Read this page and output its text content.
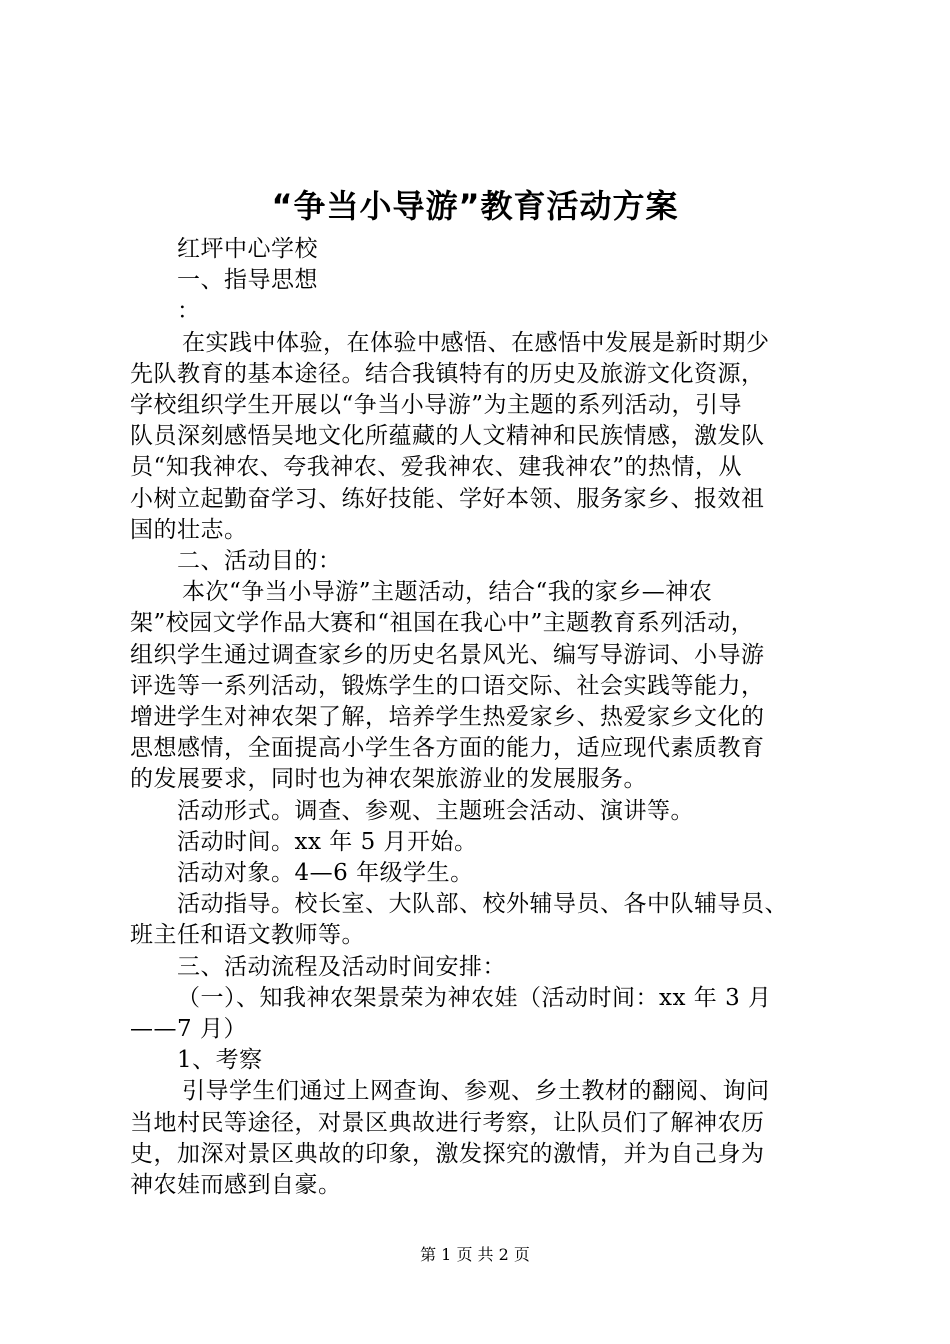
“争当小导游”教育活动方案

红坪中心学校

一、指导思想

：

在实践中体验，在体验中感悟、在感悟中发展是新时期少

先队教育的基本途径。结合我镇特有的历史及旅游文化资源，

学校组织学生开展以“争当小导游”为主题的系列活动，引导

队员深刻感悟吴地文化所蕴藏的人文精神和民族情感，激发队

员“知我神农、夸我神农、爱我神农、建我神农”的热情，从

小树立起勤奋学习、练好技能、学好本领、服务家乡、报效祖

国的壮志。

二、活动目的：

本次“争当小导游”主题活动，结合“我的家乡—神农

架”校园文学作品大赛和“祖国在我心中”主题教育系列活动，

组织学生通过调查家乡的历史名景风光、编写导游词、小导游

评选等一系列活动，锻炼学生的口语交际、社会实践等能力，

增进学生对神农架了解，培养学生热爱家乡、热爱家乡文化的

思想感情，全面提高小学生各方面的能力，适应现代素质教育

的发展要求，同时也为神农架旅游业的发展服务。

活动形式。调查、参观、主题班会活动、演讲等。

活动时间。xx 年 5 月开始。

活动对象。4—6 年级学生。

活动指导。校长室、大队部、校外辅导员、各中队辅导员、

班主任和语文教师等。

三、活动流程及活动时间安排：

（一）、知我神农架景荣为神农娃（活动时间：xx 年 3 月

——7 月）

1、考察

引导学生们通过上网查询、参观、乡土教材的翻阅、询问

当地村民等途径，对景区典故进行考察，让队员们了解神农历

史，加深对景区典故的印象，激发探究的激情，并为自己身为

神农娃而感到自豪。

第 1 页 共 2 页
